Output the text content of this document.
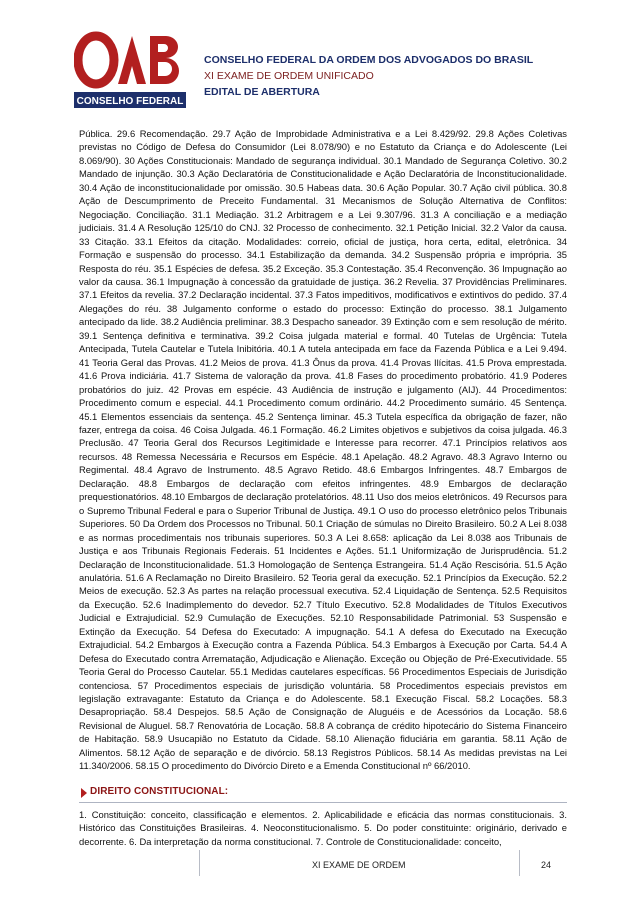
CONSELHO FEDERAL
CONSELHO FEDERAL DA ORDEM DOS ADVOGADOS DO BRASIL
XI EXAME DE ORDEM UNIFICADO
EDITAL DE ABERTURA

Pública. 29.6 Recomendação. 29.7 Ação de Improbidade Administrativa e a Lei 8.429/92. 29.8 Ações Coletivas previstas no Código de Defesa do Consumidor (Lei 8.078/90) e no Estatuto da Criança e do Adolescente (Lei 8.069/90). 30 Ações Constitucionais: Mandado de segurança individual. 30.1 Mandado de Segurança Coletivo. 30.2 Mandado de injunção. 30.3 Ação Declaratória de Constitucionalidade e Ação Declaratória de Inconstitucionalidade. 30.4 Ação de inconstitucionalidade por omissão. 30.5 Habeas data. 30.6 Ação Popular. 30.7 Ação civil pública. 30.8 Ação de Descumprimento de Preceito Fundamental. 31 Mecanismos de Solução Alternativa de Conflitos: Negociação. Conciliação. 31.1 Mediação. 31.2 Arbitragem e a Lei 9.307/96. 31.3 A conciliação e a mediação judiciais. 31.4 A Resolução 125/10 do CNJ. 32 Processo de conhecimento. 32.1 Petição Inicial. 32.2 Valor da causa. 33 Citação. 33.1 Efeitos da citação. Modalidades: correio, oficial de justiça, hora certa, edital, eletrônica. 34 Formação e suspensão do processo. 34.1 Estabilização da demanda. 34.2 Suspensão própria e imprópria. 35 Resposta do réu. 35.1 Espécies de defesa. 35.2 Exceção. 35.3 Contestação. 35.4 Reconvenção. 36 Impugnação ao valor da causa. 36.1 Impugnação à concessão da gratuidade de justiça. 36.2 Revelia. 37 Providências Preliminares. 37.1 Efeitos da revelia. 37.2 Declaração incidental. 37.3 Fatos impeditivos, modificativos e extintivos do pedido. 37.4 Alegações do réu. 38 Julgamento conforme o estado do processo: Extinção do processo. 38.1 Julgamento antecipado da lide. 38.2 Audiência preliminar. 38.3 Despacho saneador. 39 Extinção com e sem resolução de mérito. 39.1 Sentença definitiva e terminativa. 39.2 Coisa julgada material e formal. 40 Tutelas de Urgência: Tutela Antecipada, Tutela Cautelar e Tutela Inibitória. 40.1 A tutela antecipada em face da Fazenda Pública e a Lei 9.494. 41 Teoria Geral das Provas. 41.2 Meios de prova. 41.3 Ônus da prova. 41.4 Provas Ilícitas. 41.5 Prova emprestada. 41.6 Prova indiciária. 41.7 Sistema de valoração da prova. 41.8 Fases do procedimento probatório. 41.9 Poderes probatórios do juiz. 42 Provas em espécie. 43 Audiência de instrução e julgamento (AIJ). 44 Procedimentos: Procedimento comum e especial. 44.1 Procedimento comum ordinário. 44.2 Procedimento sumário. 45 Sentença. 45.1 Elementos essenciais da sentença. 45.2 Sentença liminar. 45.3 Tutela específica da obrigação de fazer, não fazer, entrega da coisa. 46 Coisa Julgada. 46.1 Formação. 46.2 Limites objetivos e subjetivos da coisa julgada. 46.3 Preclusão. 47 Teoria Geral dos Recursos Legitimidade e Interesse para recorrer. 47.1 Princípios relativos aos recursos. 48 Remessa Necessária e Recursos em Espécie. 48.1 Apelação. 48.2 Agravo. 48.3 Agravo Interno ou Regimental. 48.4 Agravo de Instrumento. 48.5 Agravo Retido. 48.6 Embargos Infringentes. 48.7 Embargos de Declaração. 48.8 Embargos de declaração com efeitos infringentes. 48.9 Embargos de declaração prequestionatórios. 48.10 Embargos de declaração protelatórios. 48.11 Uso dos meios eletrônicos. 49 Recursos para o Supremo Tribunal Federal e para o Superior Tribunal de Justiça. 49.1 O uso do processo eletrônico pelos Tribunais Superiores. 50 Da Ordem dos Processos no Tribunal. 50.1 Criação de súmulas no Direito Brasileiro. 50.2 A Lei 8.038 e as normas procedimentais nos tribunais superiores. 50.3 A Lei 8.658: aplicação da Lei 8.038 aos Tribunais de Justiça e aos Tribunais Regionais Federais. 51 Incidentes e Ações. 51.1 Uniformização de Jurisprudência. 51.2 Declaração de Inconstitucionalidade. 51.3 Homologação de Sentença Estrangeira. 51.4 Ação Rescisória. 51.5 Ação anulatória. 51.6 A Reclamação no Direito Brasileiro. 52 Teoria geral da execução. 52.1 Princípios da Execução. 52.2 Meios de execução. 52.3 As partes na relação processual executiva. 52.4 Liquidação de Sentença. 52.5 Requisitos da Execução. 52.6 Inadimplemento do devedor. 52.7 Título Executivo. 52.8 Modalidades de Títulos Executivos Judicial e Extrajudicial. 52.9 Cumulação de Execuções. 52.10 Responsabilidade Patrimonial. 53 Suspensão e Extinção da Execução. 54 Defesa do Executado: A impugnação. 54.1 A defesa do Executado na Execução Extrajudicial. 54.2 Embargos à Execução contra a Fazenda Pública. 54.3 Embargos à Execução por Carta. 54.4 A Defesa do Executado contra Arrematação, Adjudicação e Alienação. Exceção ou Objeção de Pré-Executividade. 55 Teoria Geral do Processo Cautelar. 55.1 Medidas cautelares específicas. 56 Procedimentos Especiais de Jurisdição contenciosa. 57 Procedimentos especiais de jurisdição voluntária. 58 Procedimentos especiais previstos em legislação extravagante: Estatuto da Criança e do Adolescente. 58.1 Execução Fiscal. 58.2 Locações. 58.3 Desapropriação. 58.4 Despejos. 58.5 Ação de Consignação de Aluguéis e de Acessórios da Locação. 58.6 Revisional de Aluguel. 58.7 Renovatória de Locação. 58.8 A cobrança de crédito hipotecário do Sistema Financeiro de Habitação. 58.9 Usucapião no Estatuto da Cidade. 58.10 Alienação fiduciária em garantia. 58.11 Ação de Alimentos. 58.12 Ação de separação e de divórcio. 58.13 Registros Públicos. 58.14 As medidas previstas na Lei 11.340/2006. 58.15 O procedimento do Divórcio Direto e a Emenda Constitucional nº 66/2010.

DIREITO CONSTITUCIONAL:

1. Constituição: conceito, classificação e elementos. 2. Aplicabilidade e eficácia das normas constitucionais. 3. Histórico das Constituições Brasileiras. 4. Neoconstitucionalismo. 5. Do poder constituinte: originário, derivado e decorrente. 6. Da interpretação da norma constitucional. 7. Controle de Constitucionalidade: conceito,

XI EXAME DE ORDEM	24
